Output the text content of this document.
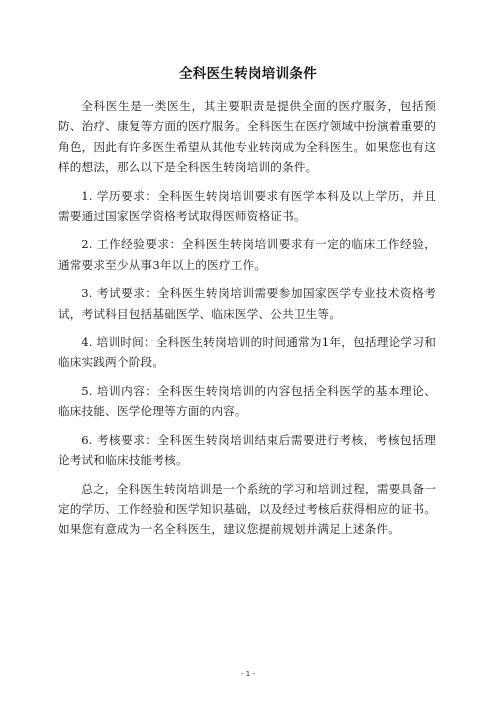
全科医生转岗培训条件

全科医生是一类医生，其主要职责是提供全面的医疗服务，包括预防、治疗、康复等方面的医疗服务。全科医生在医疗领域中扮演着重要的角色，因此有许多医生希望从其他专业转岗成为全科医生。如果您也有这样的想法，那么以下是全科医生转岗培训的条件。

1. 学历要求：全科医生转岗培训要求有医学本科及以上学历，并且需要通过国家医学资格考试取得医师资格证书。

2. 工作经验要求：全科医生转岗培训要求有一定的临床工作经验，通常要求至少从事3年以上的医疗工作。

3. 考试要求：全科医生转岗培训需要参加国家医学专业技术资格考试，考试科目包括基础医学、临床医学、公共卫生等。

4. 培训时间：全科医生转岗培训的时间通常为1年，包括理论学习和临床实践两个阶段。

5. 培训内容：全科医生转岗培训的内容包括全科医学的基本理论、临床技能、医学伦理等方面的内容。

6. 考核要求：全科医生转岗培训结束后需要进行考核，考核包括理论考试和临床技能考核。

总之，全科医生转岗培训是一个系统的学习和培训过程，需要具备一定的学历、工作经验和医学知识基础，以及经过考核后获得相应的证书。如果您有意成为一名全科医生，建议您提前规划并满足上述条件。

- 1 -
